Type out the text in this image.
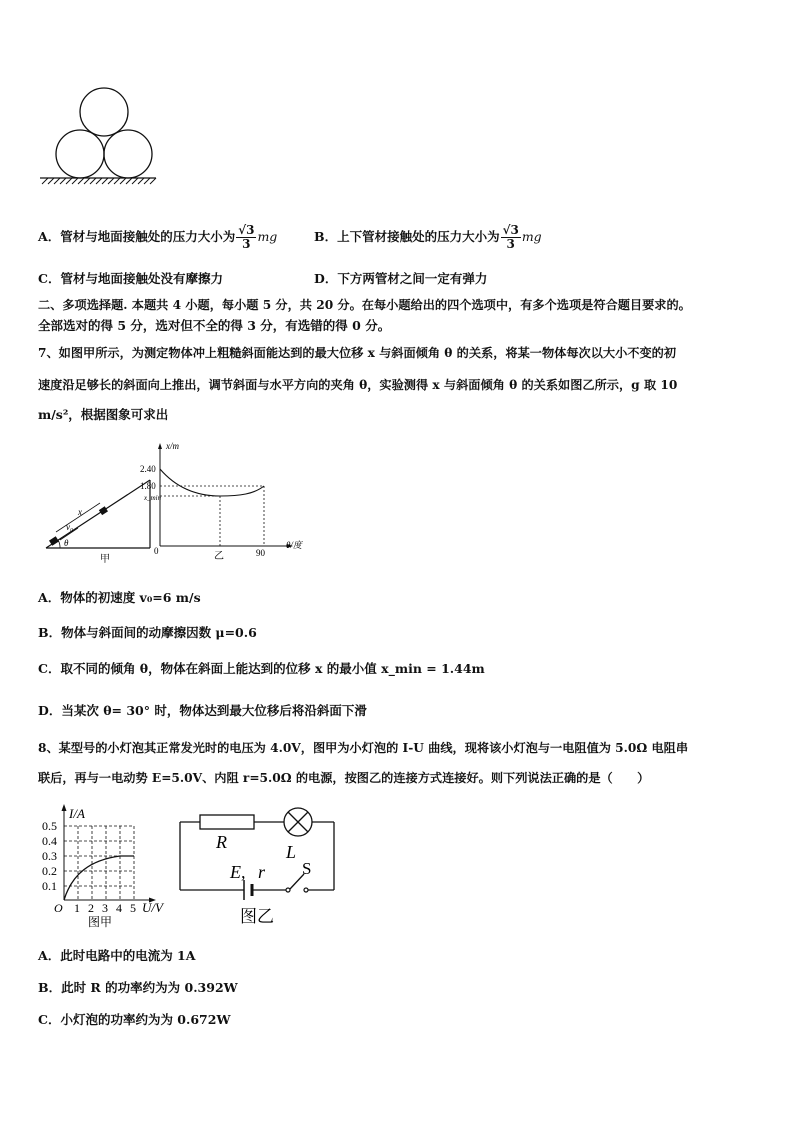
A．管材与地面接触处的压力大小为 $\frac{√3}{3}$ mg	B．上下管材接触处的压力大小为 $\frac{√3}{3}$ mg
C．管材与地面接触处没有摩擦力	D．下方两管材之间一定有弹力
二、多项选择题. 本题共 4 小题，每小题 5 分，共 20 分。在每小题给出的四个选项中，有多个选项是符合题目要求的。
全部选对的得 5 分，选对但不全的得 3 分，有选错的得 0 分。
7、如图甲所示，为测定物体冲上粗糙斜面能达到的最大位移 x 与斜面倾角 θ 的关系，将某一物体每次以大小不变的初
速度沿足够长的斜面向上推出，调节斜面与水平方向的夹角 θ，实验测得 x 与斜面倾角 θ 的关系如图乙所示，g 取 10
m/s²，根据图象可求出
x
v₀
θ
甲
x/m
θ/度
2.40
1.80
x_min
0	90
乙
A．物体的初速度 v₀=6 m/s
B．物体与斜面间的动摩擦因数 μ=0.6
C．取不同的倾角 θ，物体在斜面上能达到的位移 x 的最小值 x_min = 1.44m
D．当某次 θ= 30° 时，物体达到最大位移后将沿斜面下滑
8、某型号的小灯泡其正常发光时的电压为 4.0V，图甲为小灯泡的 I-U 曲线，现将该小灯泡与一电阻值为 5.0Ω 电阻串
联后，再与一电动势 E=5.0V、内阻 r=5.0Ω 的电源，按图乙的连接方式连接好。则下列说法正确的是（　　）
I/A
0.5
0.4
0.3
0.2
0.1
O 1 2 3 4 5 U/V
图甲
R	L
E, r S
图乙
A．此时电路中的电流为 1A
B．此时 R 的功率约为为 0.392W
C．小灯泡的功率约为为 0.672W
